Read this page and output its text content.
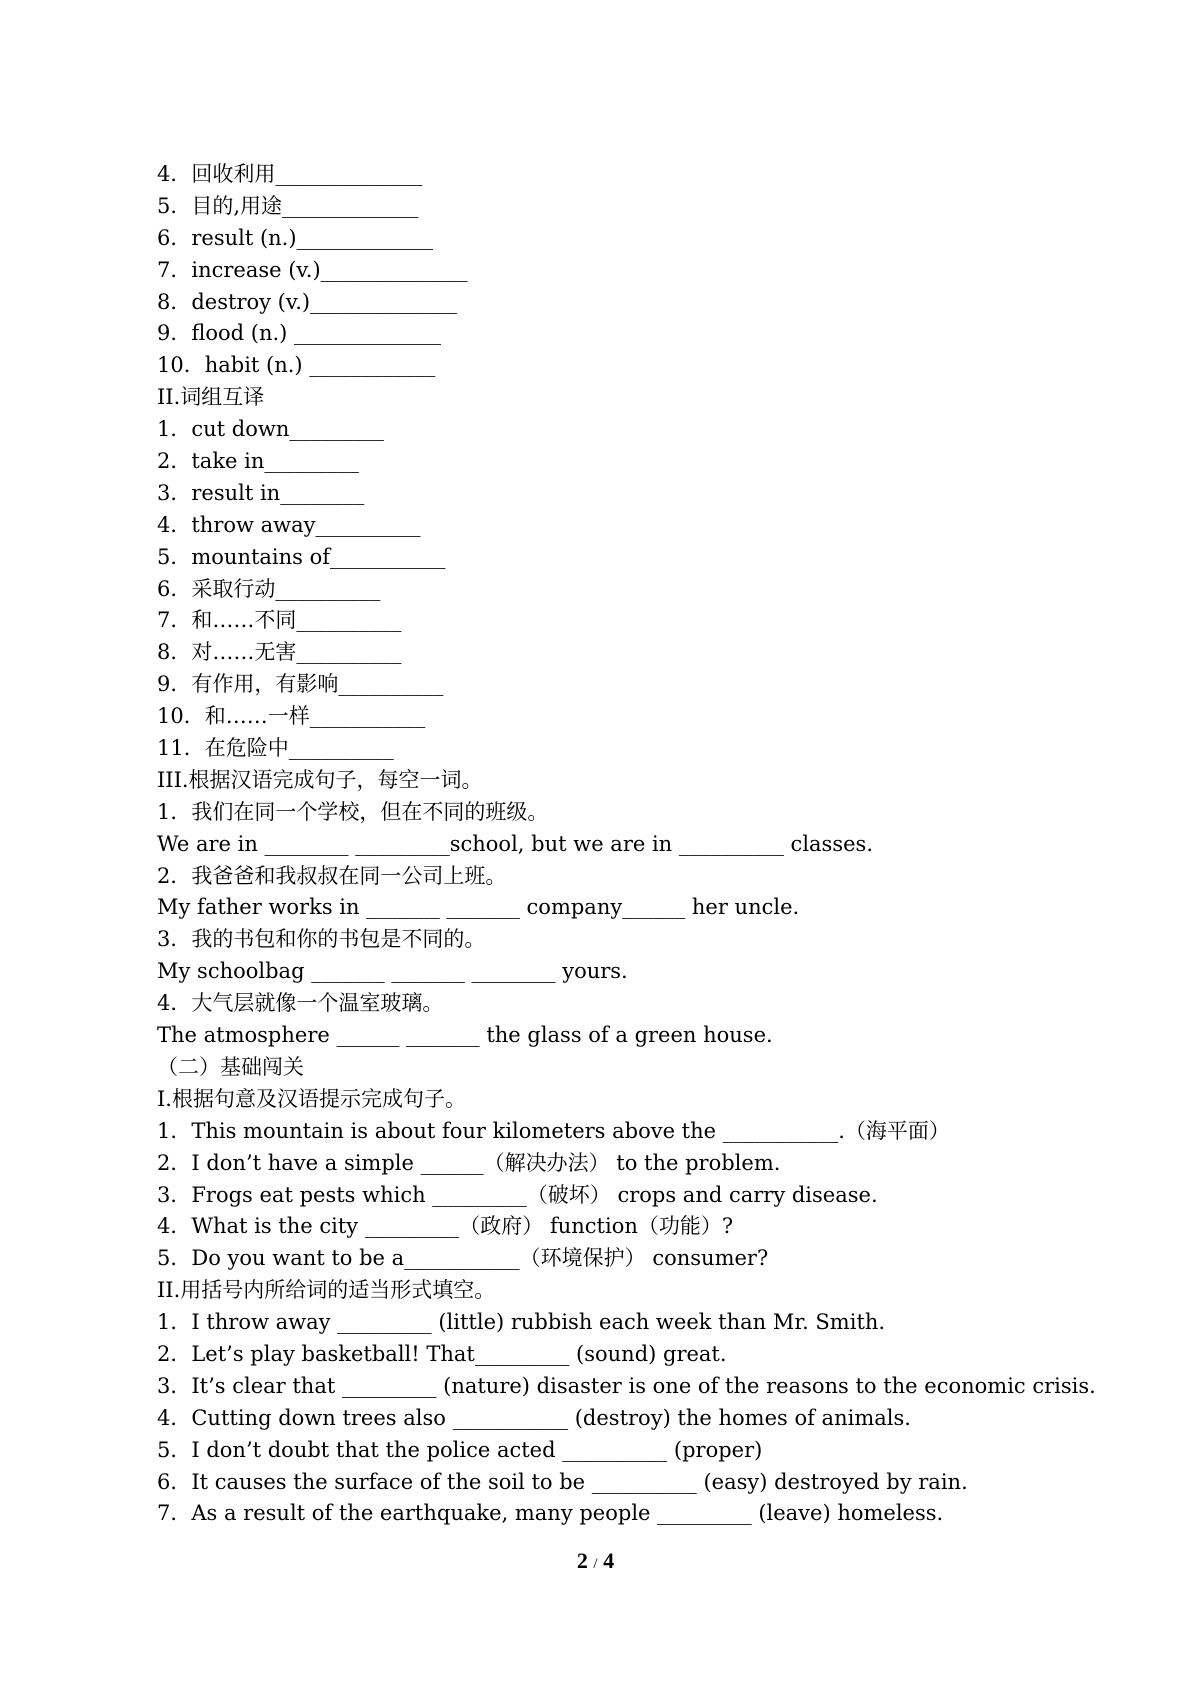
4．回收利用______________
5．目的,用途_____________
6．result (n.)_____________
7．increase (v.)______________
8．destroy (v.)______________
9．flood (n.) ______________
10．habit (n.) ____________
II.词组互译
1．cut down_________
2．take in_________
3．result in________
4．throw away__________
5．mountains of___________
6．采取行动__________
7．和……不同__________
8．对……无害__________
9．有作用，有影响__________
10．和……一样___________
11．在危险中__________
III.根据汉语完成句子，每空一词。
1．我们在同一个学校，但在不同的班级。
We are in ________ _________school, but we are in __________ classes.
2．我爸爸和我叔叔在同一公司上班。
My father works in _______ _______ company______ her uncle.
3．我的书包和你的书包是不同的。
My schoolbag _______ _______ ________ yours.
4．大气层就像一个温室玻璃。
The atmosphere ______ _______ the glass of a green house.
（二）基础闯关
I.根据句意及汉语提示完成句子。
1．This mountain is about four kilometers above the ___________.（海平面）
2．I don’t have a simple ______（解决办法） to the problem.
3．Frogs eat pests which _________（破坏） crops and carry disease.
4．What is the city _________（政府） function（功能）?
5．Do you want to be a___________（环境保护） consumer?
II.用括号内所给词的适当形式填空。
1．I throw away _________ (little) rubbish each week than Mr. Smith.
2．Let’s play basketball! That_________ (sound) great.
3．It’s clear that _________ (nature) disaster is one of the reasons to the economic crisis.
4．Cutting down trees also ___________ (destroy) the homes of animals.
5．I don’t doubt that the police acted __________ (proper)
6．It causes the surface of the soil to be __________ (easy) destroyed by rain.
7．As a result of the earthquake, many people _________ (leave) homeless.
2 / 4
